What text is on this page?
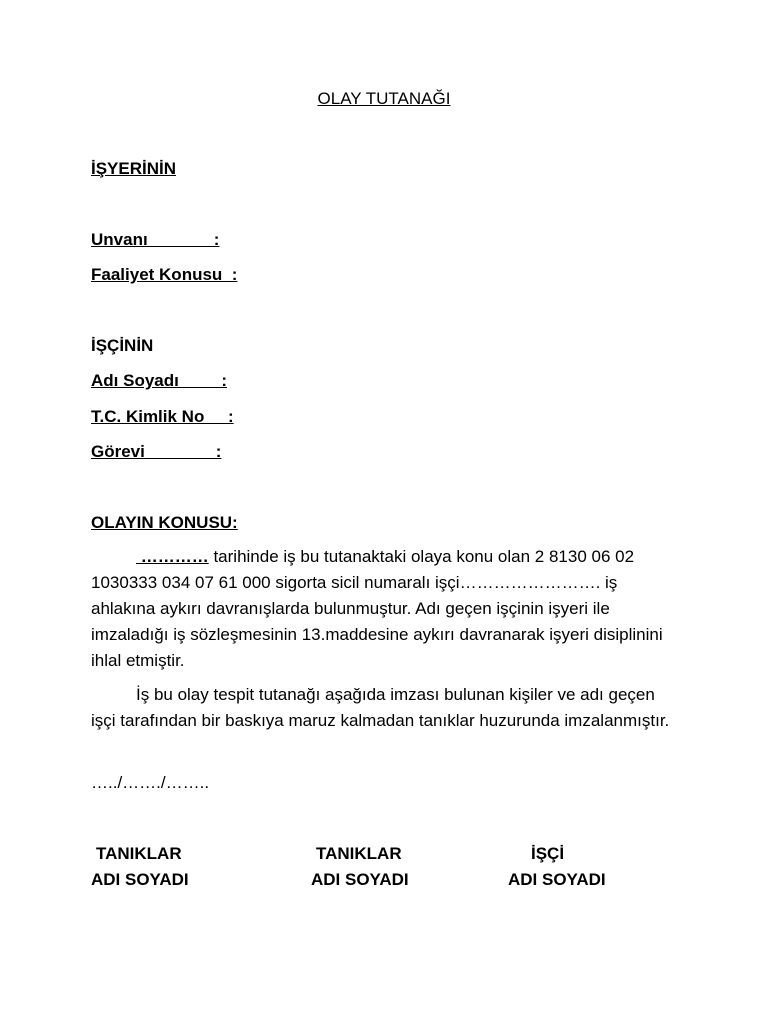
OLAY TUTANAĞI
İŞYERİNİN
Unvanı              :
Faaliyet Konusu  :
İŞÇİNİN
Adı Soyadı         :
T.C. Kimlik No     :
Görevi               :
OLAYIN KONUSU:
………… tarihinde iş bu tutanaktaki olaya konu olan 2 8130 06 02 1030333 034 07 61 000 sigorta sicil numaralı işçi……………………. iş ahlakına aykırı davranışlarda bulunmuştur. Adı geçen işçinin işyeri ile imzaladığı iş sözleşmesinin 13.maddesine aykırı davranarak işyeri disiplinini ihlal etmiştir.
İş bu olay tespit tutanağı aşağıda imzası bulunan kişiler ve adı geçen işçi tarafından bir baskıya maruz kalmadan tanıklar huzurunda imzalanmıştır.
…../……./……..
TANIKLAR
ADI SOYADI
TANIKLAR
ADI SOYADI
İŞÇİ
ADI SOYADI
